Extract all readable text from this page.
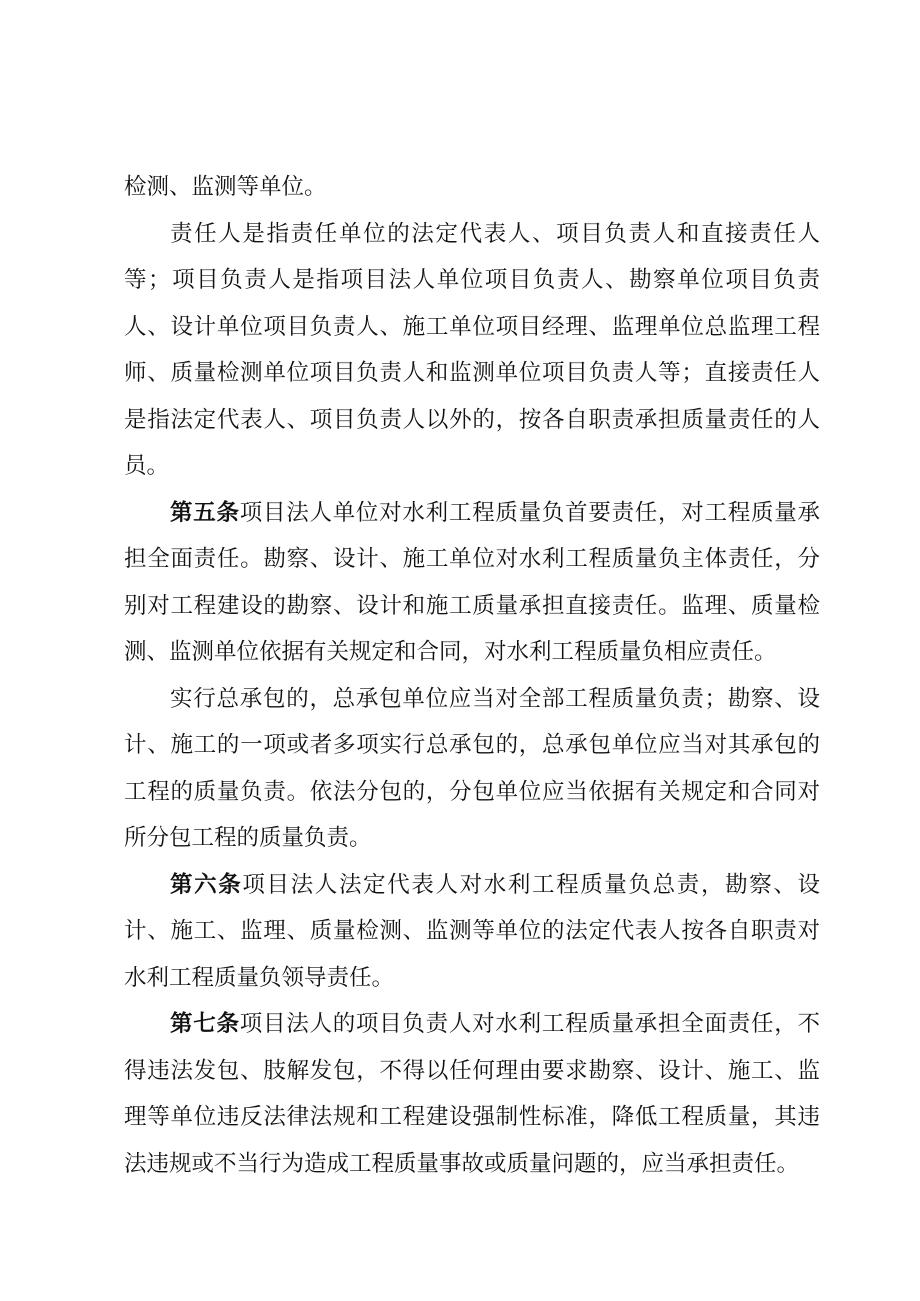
检测、监测等单位。

责任人是指责任单位的法定代表人、项目负责人和直接责任人等；项目负责人是指项目法人单位项目负责人、勘察单位项目负责人、设计单位项目负责人、施工单位项目经理、监理单位总监理工程师、质量检测单位项目负责人和监测单位项目负责人等；直接责任人是指法定代表人、项目负责人以外的，按各自职责承担质量责任的人员。

第五条项目法人单位对水利工程质量负首要责任，对工程质量承担全面责任。勘察、设计、施工单位对水利工程质量负主体责任，分别对工程建设的勘察、设计和施工质量承担直接责任。监理、质量检测、监测单位依据有关规定和合同，对水利工程质量负相应责任。

实行总承包的，总承包单位应当对全部工程质量负责；勘察、设计、施工的一项或者多项实行总承包的，总承包单位应当对其承包的工程的质量负责。依法分包的，分包单位应当依据有关规定和合同对所分包工程的质量负责。

第六条项目法人法定代表人对水利工程质量负总责，勘察、设计、施工、监理、质量检测、监测等单位的法定代表人按各自职责对水利工程质量负领导责任。

第七条项目法人的项目负责人对水利工程质量承担全面责任，不得违法发包、肢解发包，不得以任何理由要求勘察、设计、施工、监理等单位违反法律法规和工程建设强制性标准，降低工程质量，其违法违规或不当行为造成工程质量事故或质量问题的，应当承担责任。
